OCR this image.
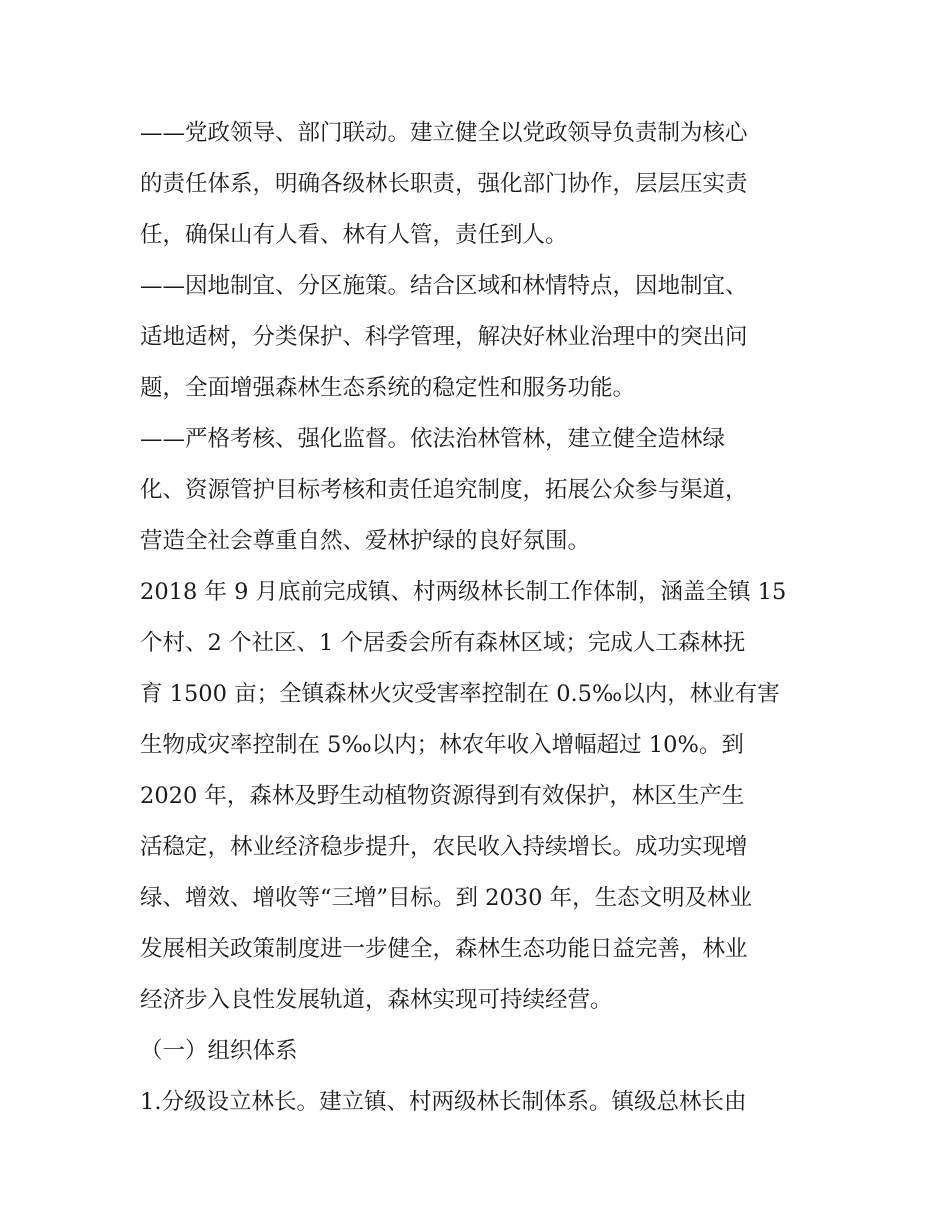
——党政领导、部门联动。建立健全以党政领导负责制为核心
的责任体系，明确各级林长职责，强化部门协作，层层压实责
任，确保山有人看、林有人管，责任到人。
——因地制宜、分区施策。结合区域和林情特点，因地制宜、
适地适树，分类保护、科学管理，解决好林业治理中的突出问
题，全面增强森林生态系统的稳定性和服务功能。
——严格考核、强化监督。依法治林管林，建立健全造林绿
化、资源管护目标考核和责任追究制度，拓展公众参与渠道，
营造全社会尊重自然、爱林护绿的良好氛围。
2018 年 9 月底前完成镇、村两级林长制工作体制，涵盖全镇 15
个村、2 个社区、1 个居委会所有森林区域；完成人工森林抚
育 1500 亩；全镇森林火灾受害率控制在 0.5‰以内，林业有害
生物成灾率控制在 5‰以内；林农年收入增幅超过 10%。到
2020 年，森林及野生动植物资源得到有效保护，林区生产生
活稳定，林业经济稳步提升，农民收入持续增长。成功实现增
绿、增效、增收等“三增”目标。到 2030 年，生态文明及林业
发展相关政策制度进一步健全，森林生态功能日益完善，林业
经济步入良性发展轨道，森林实现可持续经营。
（一）组织体系
1.分级设立林长。建立镇、村两级林长制体系。镇级总林长由
